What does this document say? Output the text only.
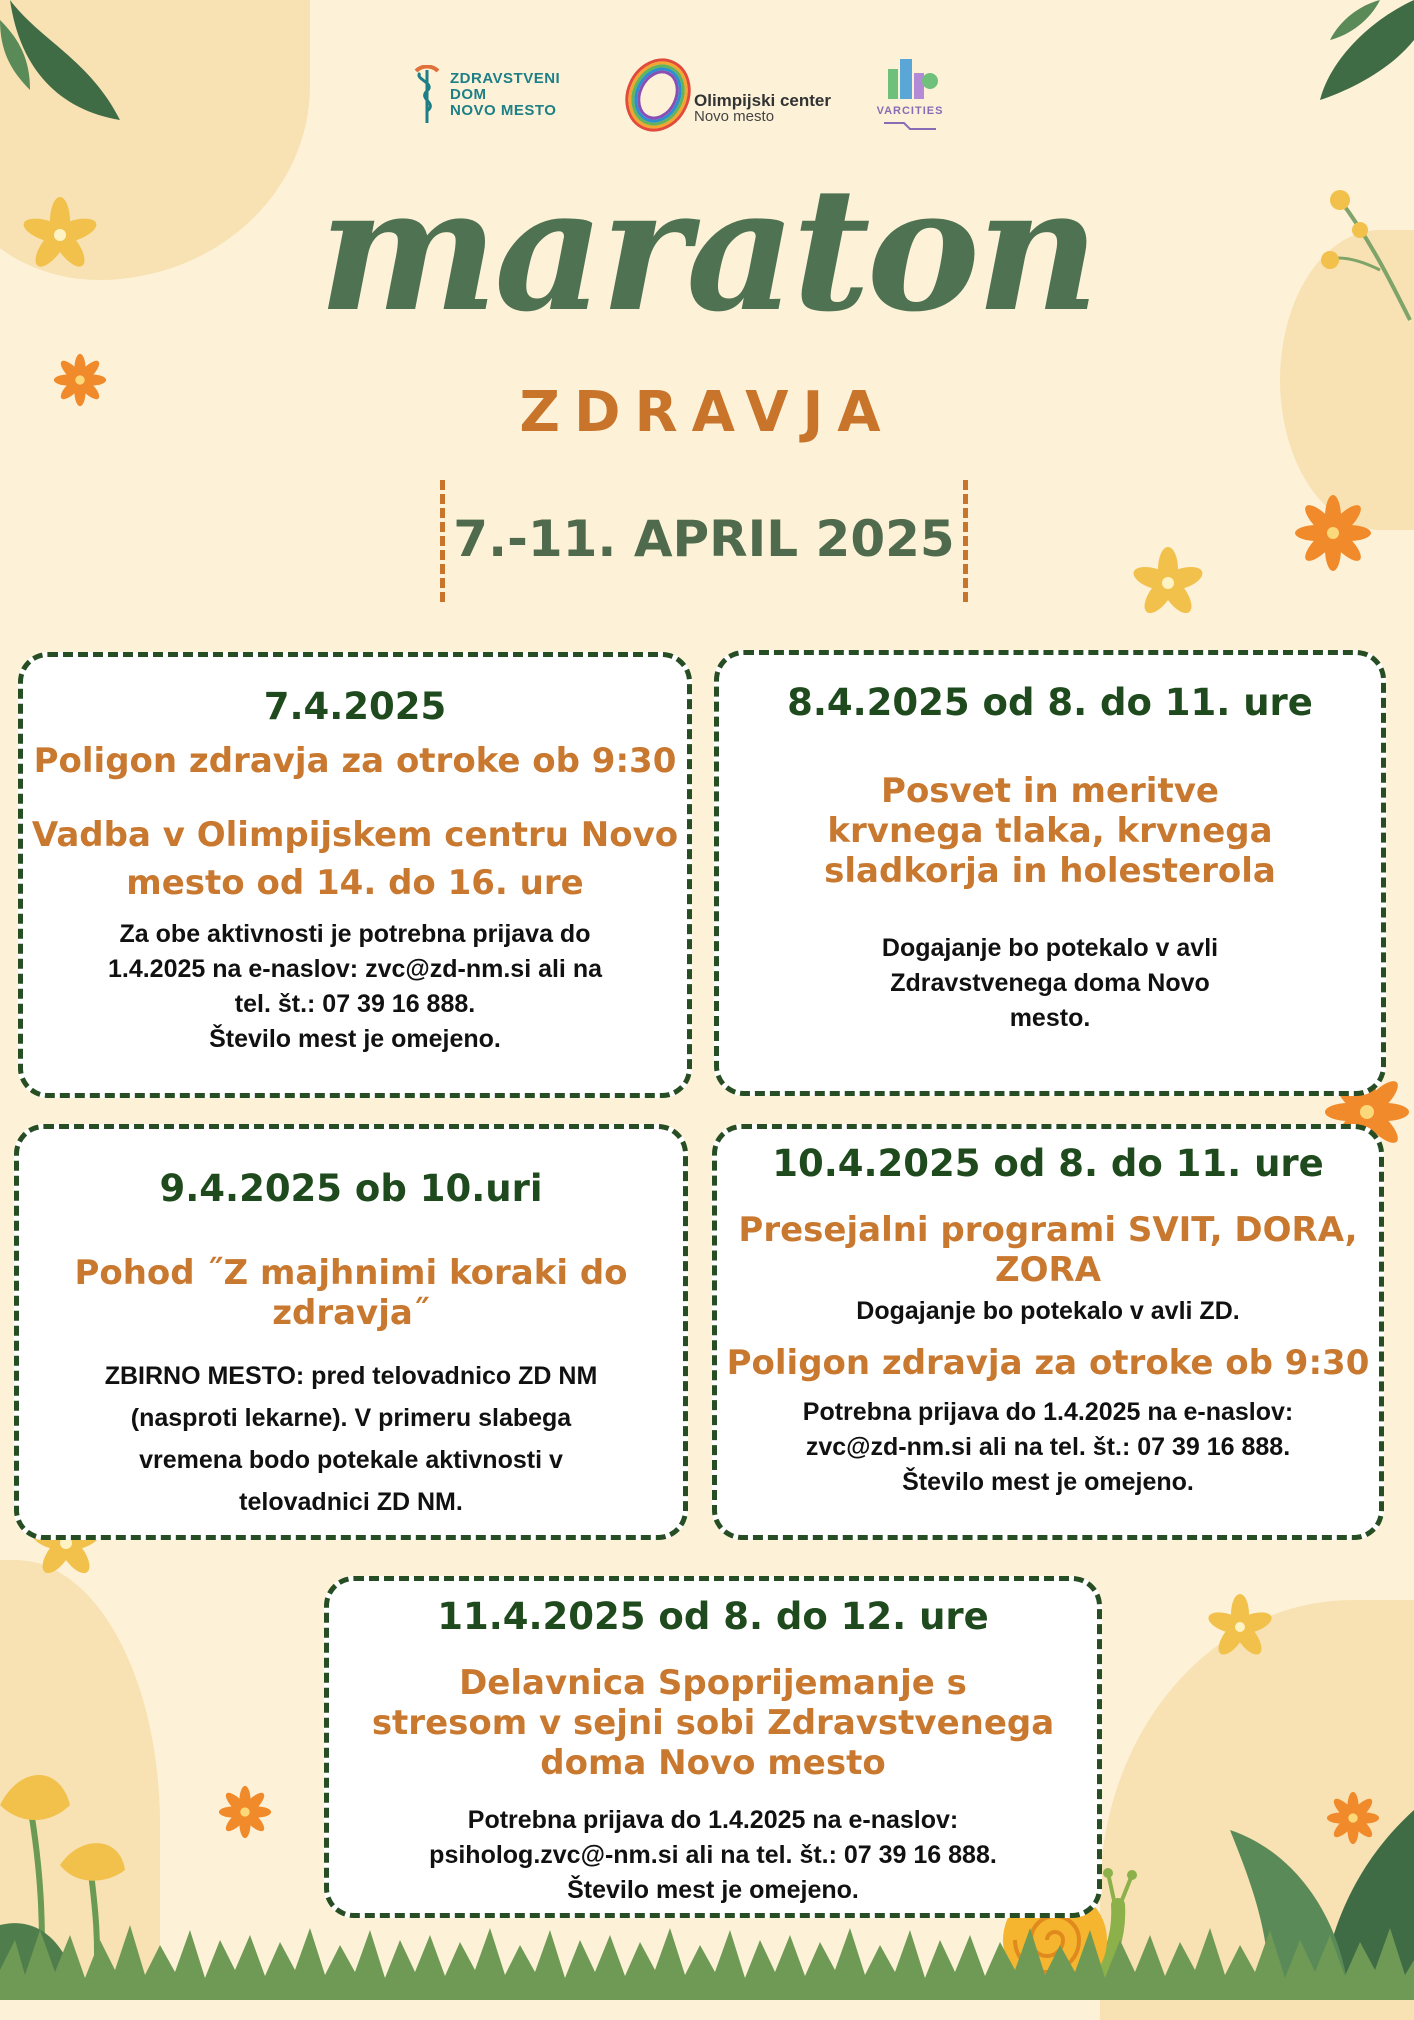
ZDRAVSTVENI
DOM
NOVO MESTO
Olimpijski center
Novo mesto	VARCITIES
maraton
ZDRAVJA
7.-11. APRIL 2025
7.4.2025
Poligon zdravja za otroke ob 9:30
Vadba v Olimpijskem centru Novo
mesto od 14. do 16. ure
Za obe aktivnosti je potrebna prijava do
1.4.2025 na e-naslov: zvc@zd-nm.si ali na
tel. št.: 07 39 16 888.
Število mest je omejeno.
8.4.2025 od 8. do 11. ure
Posvet in meritve
krvnega tlaka, krvnega
sladkorja in holesterola
Dogajanje bo potekalo v avli
Zdravstvenega doma Novo
mesto.
9.4.2025 ob 10.uri
Pohod ˝Z majhnimi koraki do
zdravja˝
ZBIRNO MESTO: pred telovadnico ZD NM
(nasproti lekarne). V primeru slabega
vremena bodo potekale aktivnosti v
telovadnici ZD NM.
10.4.2025 od 8. do 11. ure
Presejalni programi SVIT, DORA,
ZORA
Dogajanje bo potekalo v avli ZD.
Poligon zdravja za otroke ob 9:30
Potrebna prijava do 1.4.2025 na e-naslov:
zvc@zd-nm.si ali na tel. št.: 07 39 16 888.
Število mest je omejeno.
11.4.2025 od 8. do 12. ure
Delavnica Spoprijemanje s
stresom v sejni sobi Zdravstvenega
doma Novo mesto
Potrebna prijava do 1.4.2025 na e-naslov:
psiholog.zvc@-nm.si ali na tel. št.: 07 39 16 888.
Število mest je omejeno.
